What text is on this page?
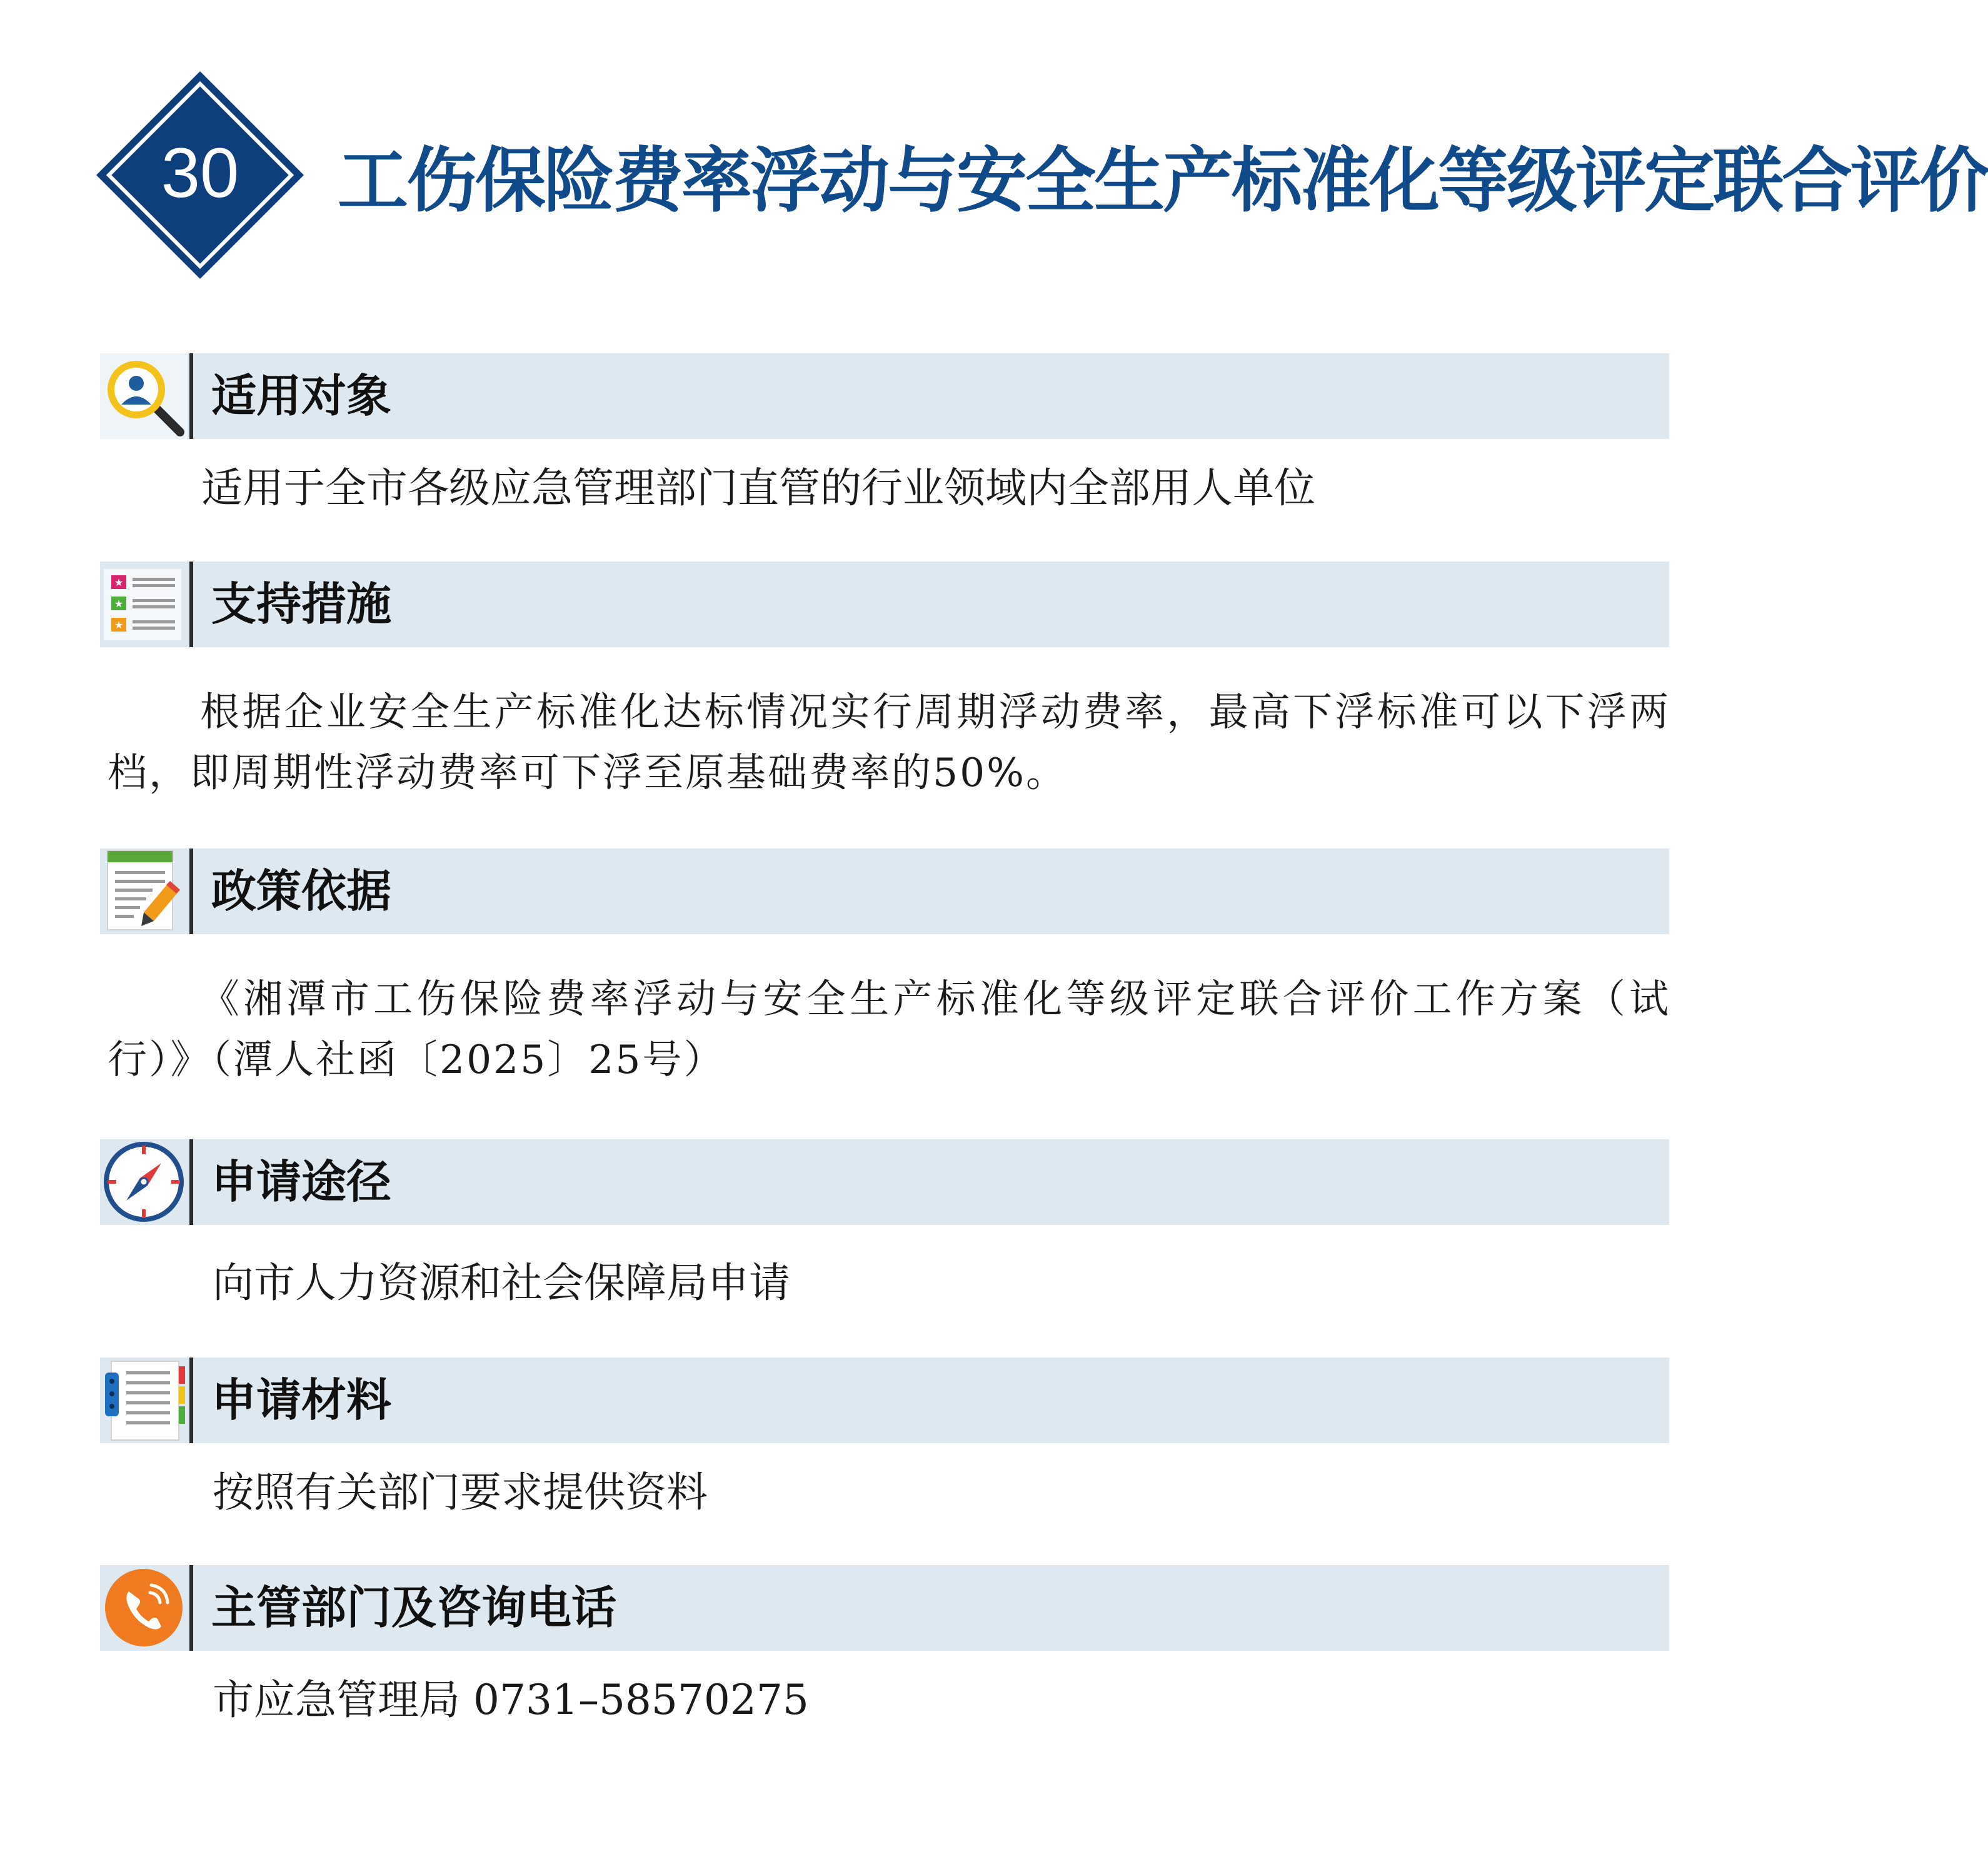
30 工伤保险费率浮动与安全生产标准化等级评定联合评价
适用对象
适用于全市各级应急管理部门直管的行业领域内全部用人单位
★
★
★ 支持措施
根据企业安全生产标准化达标情况实行周期浮动费率，最高下浮标准可以下浮两档，即周期性浮动费率可下浮至原基础费率的50%。
政策依据
《湘潭市工伤保险费率浮动与安全生产标准化等级评定联合评价工作方案（试行）》（潭人社函〔2025〕25号）
申请途径
向市人力资源和社会保障局申请
申请材料
按照有关部门要求提供资料
主管部门及咨询电话
市应急管理局 0731–58570275
